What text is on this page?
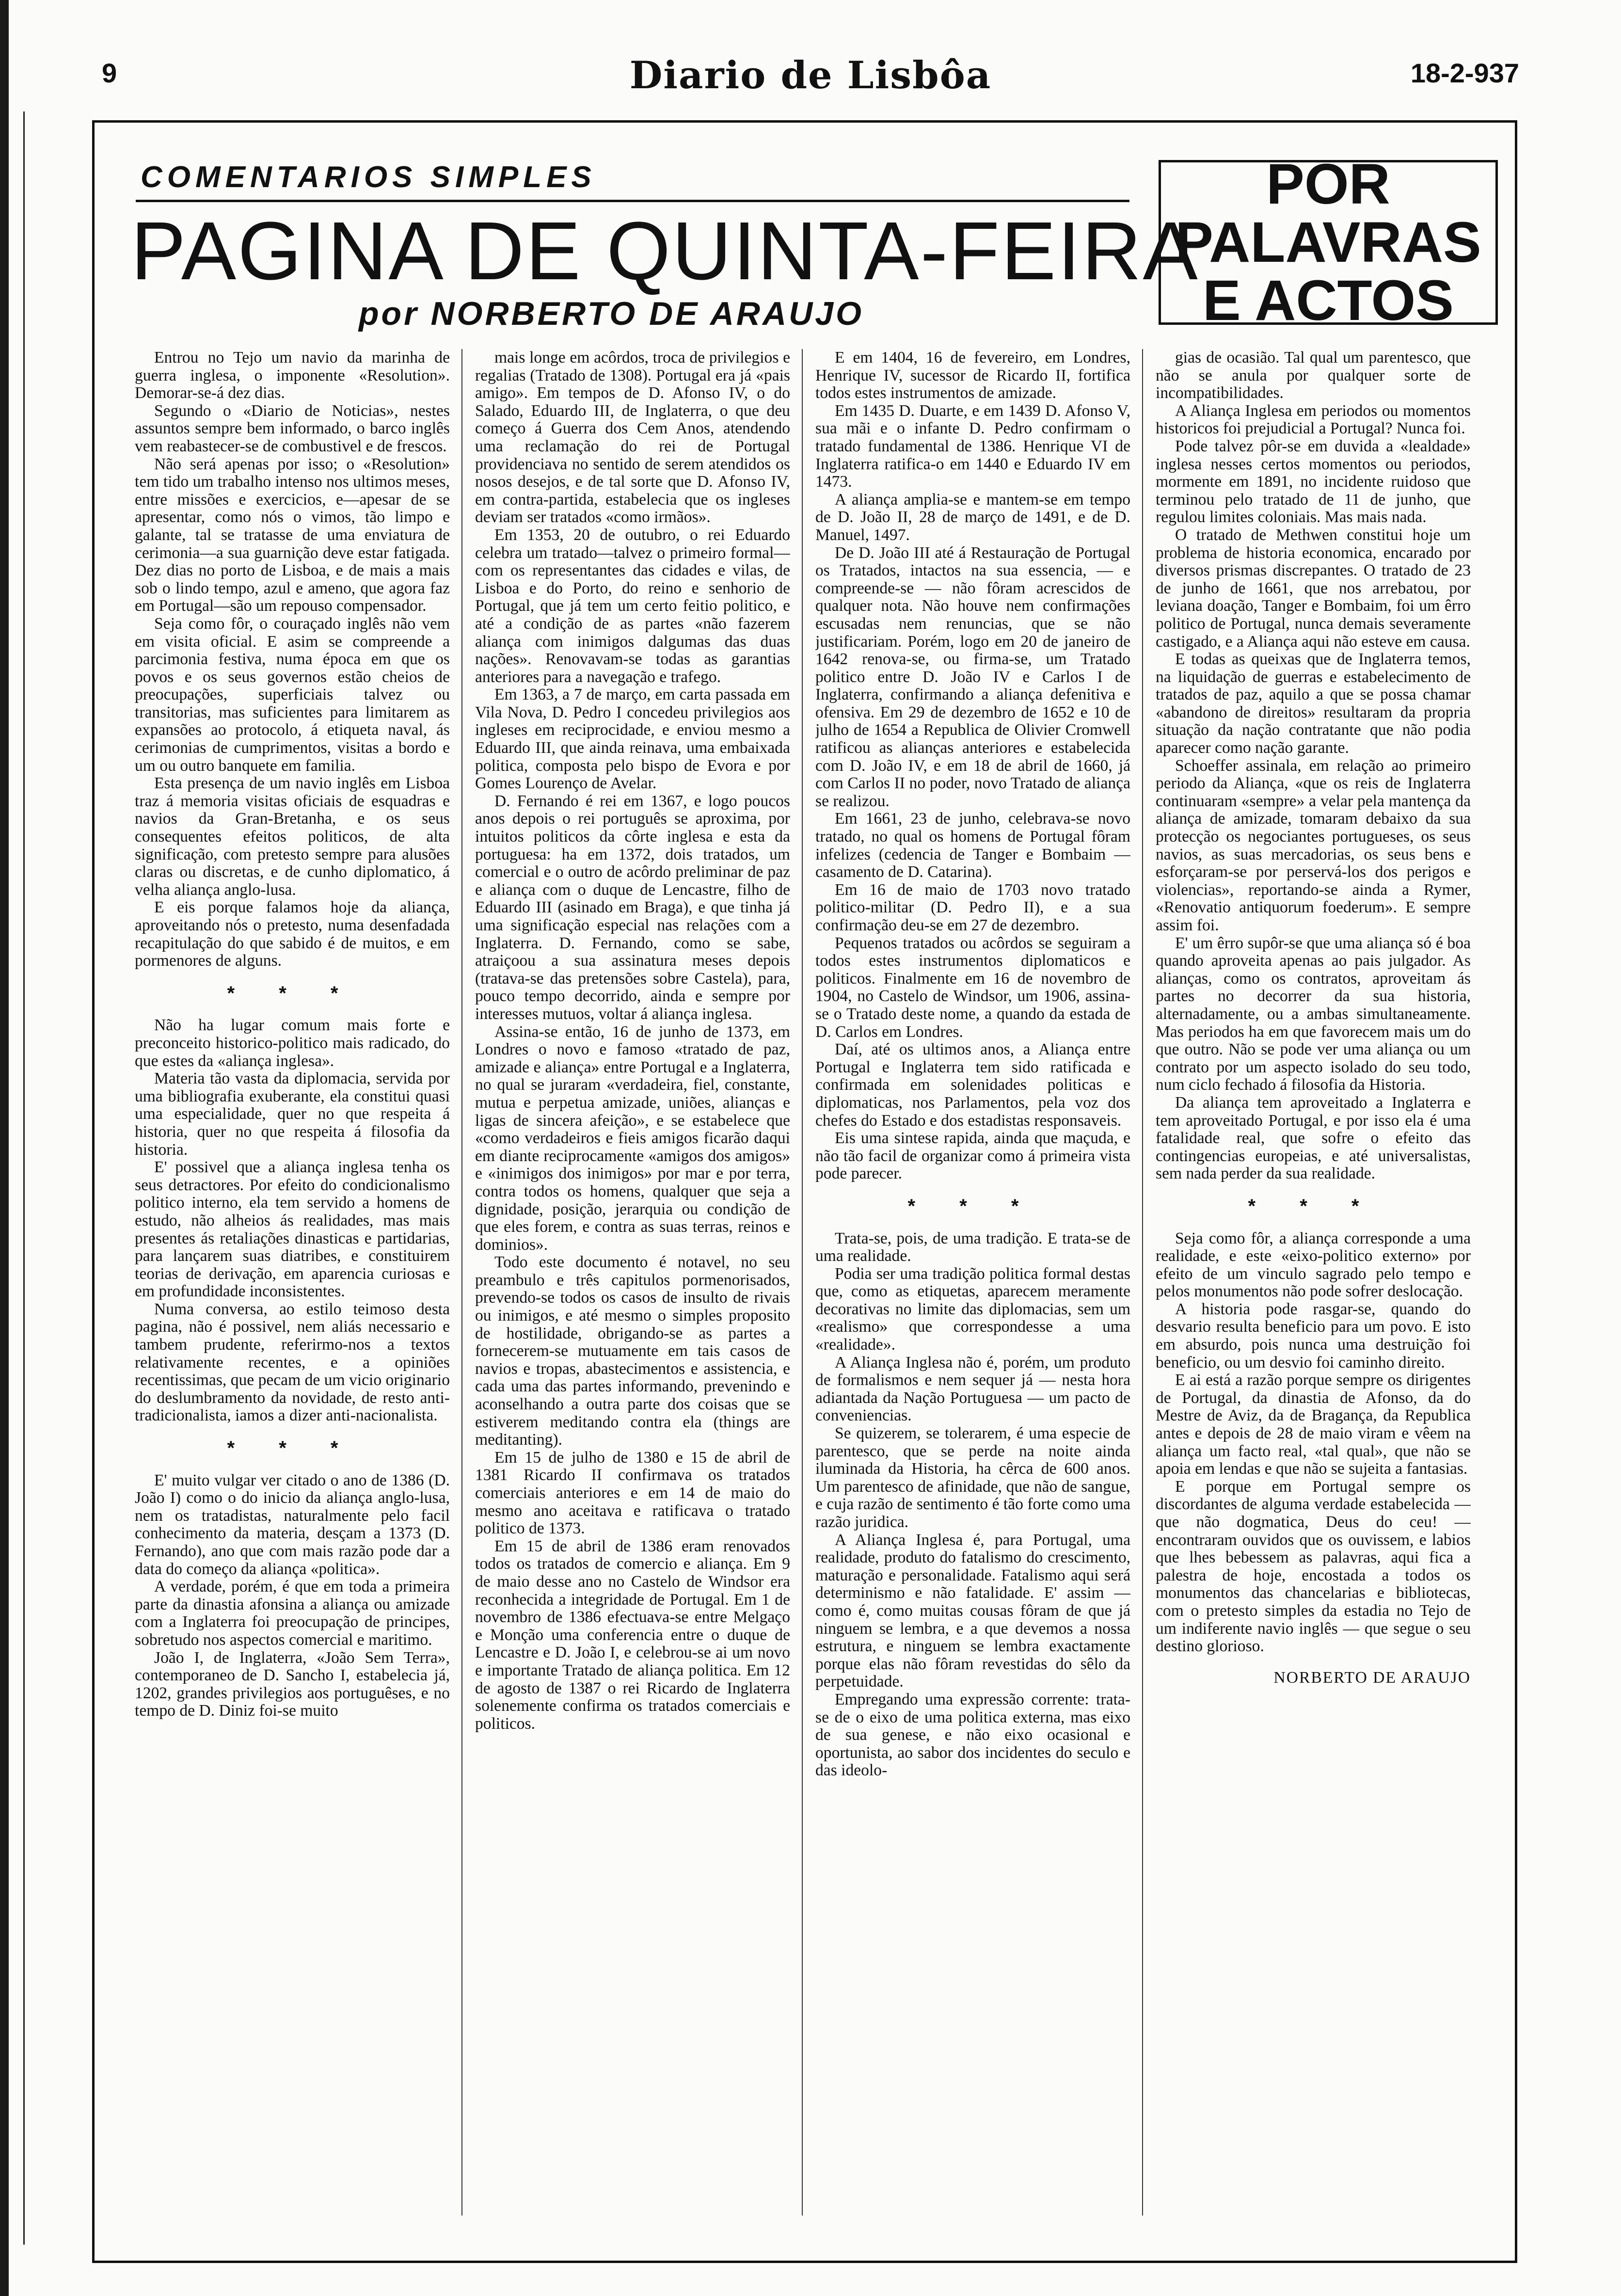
9	Diario de Lisbôa	18-2-937
COMENTARIOS SIMPLES
PAGINA DE QUINTA-FEIRA
por NORBERTO DE ARAUJO
POR PALAVRAS
E ACTOS

Entrou no Tejo um navio da marinha de guerra inglesa, o imponente «Resolution». Demorar-se-á dez dias.

Segundo o «Diario de Noticias», nestes assuntos sempre bem informado, o barco inglês vem reabastecer-se de combustivel e de frescos.

Não será apenas por isso; o «Resolution» tem tido um trabalho intenso nos ultimos meses, entre missões e exercicios, e—apesar de se apresentar, como nós o vimos, tão limpo e galante, tal se tratasse de uma enviatura de cerimonia—a sua guarnição deve estar fatigada. Dez dias no porto de Lisboa, e de mais a mais sob o lindo tempo, azul e ameno, que agora faz em Portugal—são um repouso compensador.

Seja como fôr, o couraçado inglês não vem em visita oficial. E asim se compreende a parcimonia festiva, numa época em que os povos e os seus governos estão cheios de preocupações, superficiais talvez ou transitorias, mas suficientes para limitarem as expansões ao protocolo, á etiqueta naval, ás cerimonias de cumprimentos, visitas a bordo e um ou outro banquete em familia.

Esta presença de um navio inglês em Lisboa traz á memoria visitas oficiais de esquadras e navios da Gran-Bretanha, e os seus consequentes efeitos politicos, de alta significação, com pretesto sempre para alusões claras ou discretas, e de cunho diplomatico, á velha aliança anglo-lusa.

E eis porque falamos hoje da aliança, aproveitando nós o pretesto, numa desenfadada recapitulação do que sabido é de muitos, e em pormenores de alguns.

* * *

Não ha lugar comum mais forte e preconceito historico-politico mais radicado, do que estes da «aliança inglesa».

Materia tão vasta da diplomacia, servida por uma bibliografia exuberante, ela constitui quasi uma especialidade, quer no que respeita á historia, quer no que respeita á filosofia da historia.

E' possivel que a aliança inglesa tenha os seus detractores. Por efeito do condicionalismo politico interno, ela tem servido a homens de estudo, não alheios ás realidades, mas mais presentes ás retaliações dinasticas e partidarias, para lançarem suas diatribes, e constituirem teorias de derivação, em aparencia curiosas e em profundidade inconsistentes.

Numa conversa, ao estilo teimoso desta pagina, não é possivel, nem aliás necessario e tambem prudente, referirmo-nos a textos relativamente recentes, e a opiniões recentissimas, que pecam de um vicio originario do deslumbramento da novidade, de resto anti-tradicionalista, iamos a dizer anti-nacionalista.

* * *

E' muito vulgar ver citado o ano de 1386 (D. João I) como o do inicio da aliança anglo-lusa, nem os tratadistas, naturalmente pelo facil conhecimento da materia, desçam a 1373 (D. Fernando), ano que com mais razão pode dar a data do começo da aliança «politica».

A verdade, porém, é que em toda a primeira parte da dinastia afonsina a aliança ou amizade com a Inglaterra foi preocupação de principes, sobretudo nos aspectos comercial e maritimo.

João I, de Inglaterra, «João Sem Terra», contemporaneo de D. Sancho I, estabelecia já, 1202, grandes privilegios aos portuguêses, e no tempo de D. Diniz foi-se muito

mais longe em acôrdos, troca de privilegios e regalias (Tratado de 1308). Portugal era já «pais amigo». Em tempos de D. Afonso IV, o do Salado, Eduardo III, de Inglaterra, o que deu começo á Guerra dos Cem Anos, atendendo uma reclamação do rei de Portugal providenciava no sentido de serem atendidos os nosos desejos, e de tal sorte que D. Afonso IV, em contra-partida, estabelecia que os ingleses deviam ser tratados «como irmãos».

Em 1353, 20 de outubro, o rei Eduardo celebra um tratado—talvez o primeiro formal—com os representantes das cidades e vilas, de Lisboa e do Porto, do reino e senhorio de Portugal, que já tem um certo feitio politico, e até a condição de as partes «não fazerem aliança com inimigos dalgumas das duas nações». Renovavam-se todas as garantias anteriores para a navegação e trafego.

Em 1363, a 7 de março, em carta passada em Vila Nova, D. Pedro I concedeu privilegios aos ingleses em reciprocidade, e enviou mesmo a Eduardo III, que ainda reinava, uma embaixada politica, composta pelo bispo de Evora e por Gomes Lourenço de Avelar.

D. Fernando é rei em 1367, e logo poucos anos depois o rei português se aproxima, por intuitos politicos da côrte inglesa e esta da portuguesa: ha em 1372, dois tratados, um comercial e o outro de acôrdo preliminar de paz e aliança com o duque de Lencastre, filho de Eduardo III (asinado em Braga), e que tinha já uma significação especial nas relações com a Inglaterra. D. Fernando, como se sabe, atraiçoou a sua assinatura meses depois (tratava-se das pretensões sobre Castela), para, pouco tempo decorrido, ainda e sempre por interesses mutuos, voltar á aliança inglesa.

Assina-se então, 16 de junho de 1373, em Londres o novo e famoso «tratado de paz, amizade e aliança» entre Portugal e a Inglaterra, no qual se juraram «verdadeira, fiel, constante, mutua e perpetua amizade, uniões, alianças e ligas de sincera afeição», e se estabelece que «como verdadeiros e fieis amigos ficarão daqui em diante reciprocamente «amigos dos amigos» e «inimigos dos inimigos» por mar e por terra, contra todos os homens, qualquer que seja a dignidade, posição, jerarquia ou condição de que eles forem, e contra as suas terras, reinos e dominios».

Todo este documento é notavel, no seu preambulo e três capitulos pormenorisados, prevendo-se todos os casos de insulto de rivais ou inimigos, e até mesmo o simples proposito de hostilidade, obrigando-se as partes a fornecerem-se mutuamente em tais casos de navios e tropas, abastecimentos e assistencia, e cada uma das partes informando, prevenindo e aconselhando a outra parte dos coisas que se estiverem meditando contra ela (things are meditanting).

Em 15 de julho de 1380 e 15 de abril de 1381 Ricardo II confirmava os tratados comerciais anteriores e em 14 de maio do mesmo ano aceitava e ratificava o tratado politico de 1373.

Em 15 de abril de 1386 eram renovados todos os tratados de comercio e aliança. Em 9 de maio desse ano no Castelo de Windsor era reconhecida a integridade de Portugal. Em 1 de novembro de 1386 efectuava-se entre Melgaço e Monção uma conferencia entre o duque de Lencastre e D. João I, e celebrou-se ai um novo e importante Tratado de aliança politica. Em 12 de agosto de 1387 o rei Ricardo de Inglaterra solenemente confirma os tratados comerciais e politicos.

E em 1404, 16 de fevereiro, em Londres, Henrique IV, sucessor de Ricardo II, fortifica todos estes instrumentos de amizade.

Em 1435 D. Duarte, e em 1439 D. Afonso V, sua mãi e o infante D. Pedro confirmam o tratado fundamental de 1386. Henrique VI de Inglaterra ratifica-o em 1440 e Eduardo IV em 1473.

A aliança amplia-se e mantem-se em tempo de D. João II, 28 de março de 1491, e de D. Manuel, 1497.

De D. João III até á Restauração de Portugal os Tratados, intactos na sua essencia, — e compreende-se — não fôram acrescidos de qualquer nota. Não houve nem confirmações escusadas nem renuncias, que se não justificariam. Porém, logo em 20 de janeiro de 1642 renova-se, ou firma-se, um Tratado politico entre D. João IV e Carlos I de Inglaterra, confirmando a aliança defenitiva e ofensiva. Em 29 de dezembro de 1652 e 10 de julho de 1654 a Republica de Olivier Cromwell ratificou as alianças anteriores e estabelecida com D. João IV, e em 18 de abril de 1660, já com Carlos II no poder, novo Tratado de aliança se realizou.

Em 1661, 23 de junho, celebrava-se novo tratado, no qual os homens de Portugal fôram infelizes (cedencia de Tanger e Bombaim — casamento de D. Catarina).

Em 16 de maio de 1703 novo tratado politico-militar (D. Pedro II), e a sua confirmação deu-se em 27 de dezembro.

Pequenos tratados ou acôrdos se seguiram a todos estes instrumentos diplomaticos e politicos. Finalmente em 16 de novembro de 1904, no Castelo de Windsor, um 1906, assina-se o Tratado deste nome, a quando da estada de D. Carlos em Londres.

Daí, até os ultimos anos, a Aliança entre Portugal e Inglaterra tem sido ratificada e confirmada em solenidades politicas e diplomaticas, nos Parlamentos, pela voz dos chefes do Estado e dos estadistas responsaveis.

Eis uma sintese rapida, ainda que maçuda, e não tão facil de organizar como á primeira vista pode parecer.

* * *

Trata-se, pois, de uma tradição. E trata-se de uma realidade.

Podia ser uma tradição politica formal destas que, como as etiquetas, aparecem meramente decorativas no limite das diplomacias, sem um «realismo» que correspondesse a uma «realidade».

A Aliança Inglesa não é, porém, um produto de formalismos e nem sequer já — nesta hora adiantada da Nação Portuguesa — um pacto de conveniencias.

Se quizerem, se tolerarem, é uma especie de parentesco, que se perde na noite ainda iluminada da Historia, ha cêrca de 600 anos. Um parentesco de afinidade, que não de sangue, e cuja razão de sentimento é tão forte como uma razão juridica.

A Aliança Inglesa é, para Portugal, uma realidade, produto do fatalismo do crescimento, maturação e personalidade. Fatalismo aqui será determinismo e não fatalidade. E' assim — como é, como muitas cousas fôram de que já ninguem se lembra, e a que devemos a nossa estrutura, e ninguem se lembra exactamente porque elas não fôram revestidas do sêlo da perpetuidade.

Empregando uma expressão corrente: trata-se de o eixo de uma politica externa, mas eixo de sua genese, e não eixo ocasional e oportunista, ao sabor dos incidentes do seculo e das ideolo-

gias de ocasião. Tal qual um parentesco, que não se anula por qualquer sorte de incompatibilidades.

A Aliança Inglesa em periodos ou momentos historicos foi prejudicial a Portugal? Nunca foi.

Pode talvez pôr-se em duvida a «lealdade» inglesa nesses certos momentos ou periodos, mormente em 1891, no incidente ruidoso que terminou pelo tratado de 11 de junho, que regulou limites coloniais. Mas mais nada.

O tratado de Methwen constitui hoje um problema de historia economica, encarado por diversos prismas discrepantes. O tratado de 23 de junho de 1661, que nos arrebatou, por leviana doação, Tanger e Bombaim, foi um êrro politico de Portugal, nunca demais severamente castigado, e a Aliança aqui não esteve em causa.

E todas as queixas que de Inglaterra temos, na liquidação de guerras e estabelecimento de tratados de paz, aquilo a que se possa chamar «abandono de direitos» resultaram da propria situação da nação contratante que não podia aparecer como nação garante.

Schoeffer assinala, em relação ao primeiro periodo da Aliança, «que os reis de Inglaterra continuaram «sempre» a velar pela mantença da aliança de amizade, tomaram debaixo da sua protecção os negociantes portugueses, os seus navios, as suas mercadorias, os seus bens e esforçaram-se por perservá-los dos perigos e violencias», reportando-se ainda a Rymer, «Renovatio antiquorum foederum». E sempre assim foi.

E' um êrro supôr-se que uma aliança só é boa quando aproveita apenas ao pais julgador. As alianças, como os contratos, aproveitam ás partes no decorrer da sua historia, alternadamente, ou a ambas simultaneamente. Mas periodos ha em que favorecem mais um do que outro. Não se pode ver uma aliança ou um contrato por um aspecto isolado do seu todo, num ciclo fechado á filosofia da Historia.

Da aliança tem aproveitado a Inglaterra e tem aproveitado Portugal, e por isso ela é uma fatalidade real, que sofre o efeito das contingencias europeias, e até universalistas, sem nada perder da sua realidade.

* * *

Seja como fôr, a aliança corresponde a uma realidade, e este «eixo-politico externo» por efeito de um vinculo sagrado pelo tempo e pelos monumentos não pode sofrer deslocação.

A historia pode rasgar-se, quando do desvario resulta beneficio para um povo. E isto em absurdo, pois nunca uma destruição foi beneficio, ou um desvio foi caminho direito.

E ai está a razão porque sempre os dirigentes de Portugal, da dinastia de Afonso, da do Mestre de Aviz, da de Bragança, da Republica antes e depois de 28 de maio viram e vêem na aliança um facto real, «tal qual», que não se apoia em lendas e que não se sujeita a fantasias.

E porque em Portugal sempre os discordantes de alguma verdade estabelecida — que não dogmatica, Deus do ceu! — encontraram ouvidos que os ouvissem, e labios que lhes bebessem as palavras, aqui fica a palestra de hoje, encostada a todos os monumentos das chancelarias e bibliotecas, com o pretesto simples da estadia no Tejo de um indiferente navio inglês — que segue o seu destino glorioso.

NORBERTO DE ARAUJO
